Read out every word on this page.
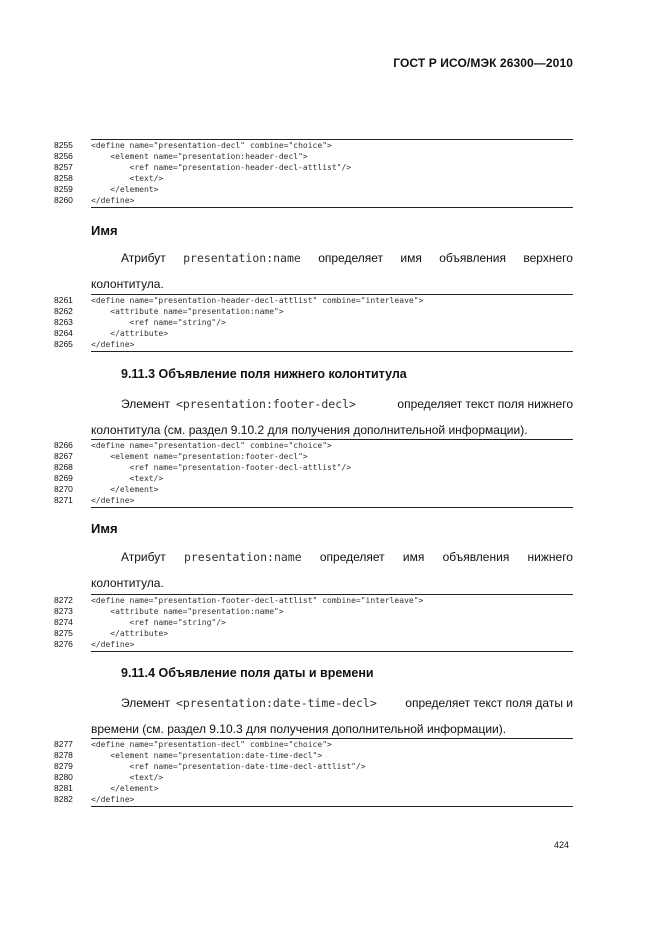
ГОСТ Р ИСО/МЭК 26300—2010
<define name="presentation-decl" combine="choice">
<element name="presentation:header-decl">
<ref name="presentation-header-decl-attlist"/>
<text/>
</element>
</define>
8255
8256
8257
8258
8259
8260
Имя
Атрибут presentation:name определяет имя объявления верхнего
колонтитула.
<define name="presentation-header-decl-attlist" combine="interleave">
<attribute name="presentation:name">
<ref name="string"/>
</attribute>
</define>
8261
8262
8263
8264
8265
9.11.3 Объявление поля нижнего колонтитула
Элемент <presentation:footer-decl>	определяет текст поля нижнего
колонтитула (см. раздел 9.10.2 для получения дополнительной информации).
<define name="presentation-decl" combine="choice">
<element name="presentation:footer-decl">
<ref name="presentation-footer-decl-attlist"/>
<text/>
</element>
</define>
8266
8267
8268
8269
8270
8271
Имя
Атрибут presentation:name определяет имя объявления нижнего
колонтитула.
<define name="presentation-footer-decl-attlist" combine="interleave">
<attribute name="presentation:name">
<ref name="string"/>
</attribute>
</define>
8272
8273
8274
8275
8276
9.11.4 Объявление поля даты и времени
Элемент <presentation:date-time-decl> определяет текст поля даты и
времени (см. раздел 9.10.3 для получения дополнительной информации).
<define name="presentation-decl" combine="choice">
<element name="presentation:date-time-decl">
<ref name="presentation-date-time-decl-attlist"/>
<text/>
</element>
</define>
8277
8278
8279
8280
8281
8282
424
